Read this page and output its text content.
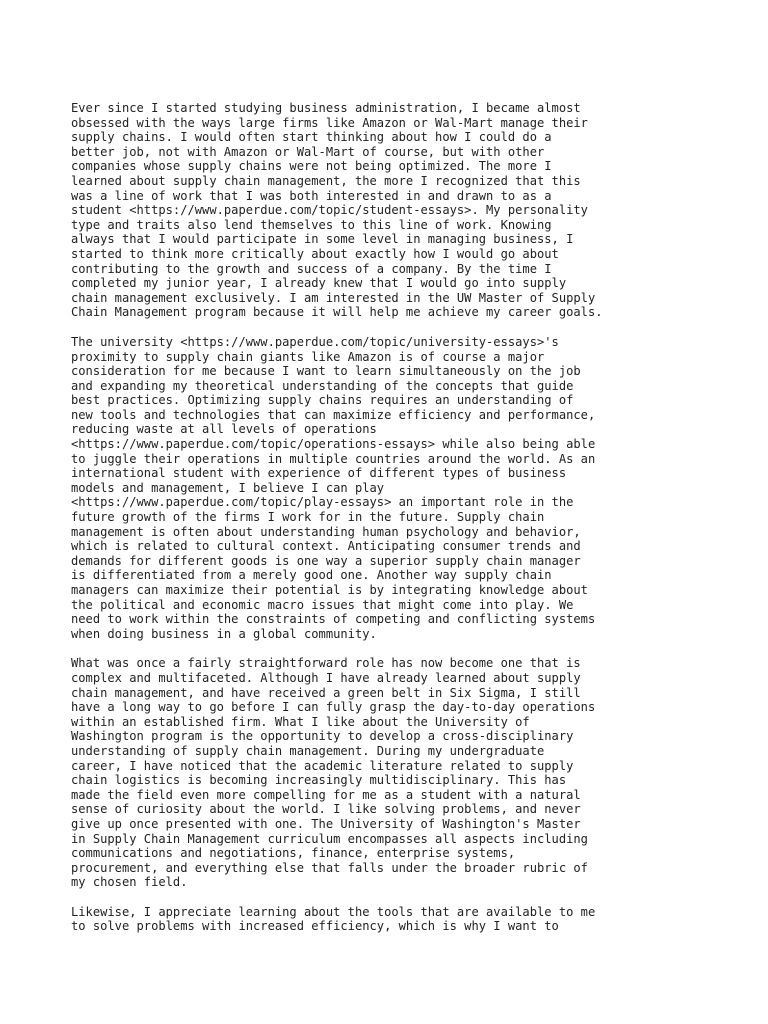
Ever since I started studying business administration, I became almost
obsessed with the ways large firms like Amazon or Wal-Mart manage their
supply chains. I would often start thinking about how I could do a
better job, not with Amazon or Wal-Mart of course, but with other
companies whose supply chains were not being optimized. The more I
learned about supply chain management, the more I recognized that this
was a line of work that I was both interested in and drawn to as a
student <https://www.paperdue.com/topic/student-essays>. My personality
type and traits also lend themselves to this line of work. Knowing
always that I would participate in some level in managing business, I
started to think more critically about exactly how I would go about
contributing to the growth and success of a company. By the time I
completed my junior year, I already knew that I would go into supply
chain management exclusively. I am interested in the UW Master of Supply
Chain Management program because it will help me achieve my career goals.

The university <https://www.paperdue.com/topic/university-essays>'s
proximity to supply chain giants like Amazon is of course a major
consideration for me because I want to learn simultaneously on the job
and expanding my theoretical understanding of the concepts that guide
best practices. Optimizing supply chains requires an understanding of
new tools and technologies that can maximize efficiency and performance,
reducing waste at all levels of operations
<https://www.paperdue.com/topic/operations-essays> while also being able
to juggle their operations in multiple countries around the world. As an
international student with experience of different types of business
models and management, I believe I can play
<https://www.paperdue.com/topic/play-essays> an important role in the
future growth of the firms I work for in the future. Supply chain
management is often about understanding human psychology and behavior,
which is related to cultural context. Anticipating consumer trends and
demands for different goods is one way a superior supply chain manager
is differentiated from a merely good one. Another way supply chain
managers can maximize their potential is by integrating knowledge about
the political and economic macro issues that might come into play. We
need to work within the constraints of competing and conflicting systems
when doing business in a global community.

What was once a fairly straightforward role has now become one that is
complex and multifaceted. Although I have already learned about supply
chain management, and have received a green belt in Six Sigma, I still
have a long way to go before I can fully grasp the day-to-day operations
within an established firm. What I like about the University of
Washington program is the opportunity to develop a cross-disciplinary
understanding of supply chain management. During my undergraduate
career, I have noticed that the academic literature related to supply
chain logistics is becoming increasingly multidisciplinary. This has
made the field even more compelling for me as a student with a natural
sense of curiosity about the world. I like solving problems, and never
give up once presented with one. The University of Washington's Master
in Supply Chain Management curriculum encompasses all aspects including
communications and negotiations, finance, enterprise systems,
procurement, and everything else that falls under the broader rubric of
my chosen field.

Likewise, I appreciate learning about the tools that are available to me
to solve problems with increased efficiency, which is why I want to
